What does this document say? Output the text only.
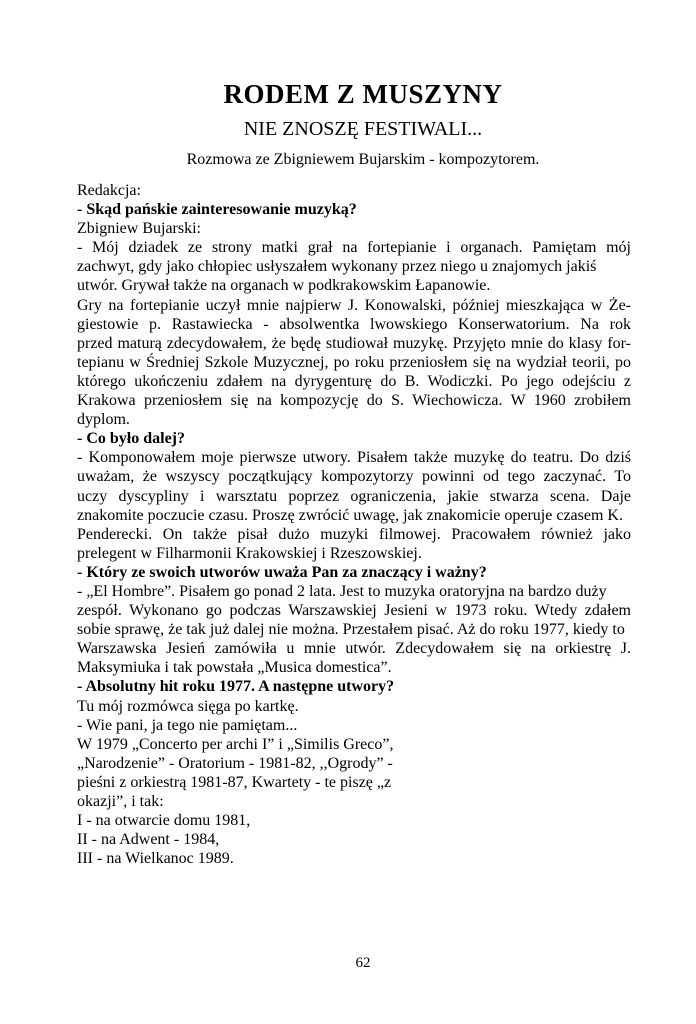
RODEM Z MUSZYNY
NIE ZNOSZĘ FESTIWALI...

Rozmowa ze Zbigniewem Bujarskim - kompozytorem.

Redakcja:
- Skąd pańskie zainteresowanie muzyką?
Zbigniew Bujarski:
- Mój dziadek ze strony matki grał na fortepianie i organach. Pamiętam mój
zachwyt, gdy jako chłopiec usłyszałem wykonany przez niego u znajomych jakiś
utwór. Grywał także na organach w podkrakowskim Łapanowie.
Gry na fortepianie uczył mnie najpierw J. Konowalski, później mieszkająca w Że-
giestowie p. Rastawiecka - absolwentka lwowskiego Konserwatorium. Na rok
przed maturą zdecydowałem, że będę studiował muzykę. Przyjęto mnie do klasy for-
tepianu w Średniej Szkole Muzycznej, po roku przeniosłem się na wydział teorii, po
którego ukończeniu zdałem na dyrygenturę do B. Wodiczki. Po jego odejściu z
Krakowa przeniosłem się na kompozycję do S. Wiechowicza. W 1960 zrobiłem
dyplom.
- Co było dalej?
- Komponowałem moje pierwsze utwory. Pisałem także muzykę do teatru. Do dziś
uważam, że wszyscy początkujący kompozytorzy powinni od tego zaczynać. To
uczy dyscypliny i warsztatu poprzez ograniczenia, jakie stwarza scena. Daje
znakomite poczucie czasu. Proszę zwrócić uwagę, jak znakomicie operuje czasem K.
Penderecki. On także pisał dużo muzyki filmowej. Pracowałem również jako
prelegent w Filharmonii Krakowskiej i Rzeszowskiej.
- Który ze swoich utworów uważa Pan za znaczący i ważny?
- „El Hombre”. Pisałem go ponad 2 lata. Jest to muzyka oratoryjna na bardzo duży
zespół. Wykonano go podczas Warszawskiej Jesieni w 1973 roku. Wtedy zdałem
sobie sprawę, że tak już dalej nie można. Przestałem pisać. Aż do roku 1977, kiedy to
Warszawska Jesień zamówiła u mnie utwór. Zdecydowałem się na orkiestrę J.
Maksymiuka i tak powstała „Musica domestica”.
- Absolutny hit roku 1977. A następne utwory?
Tu mój rozmówca sięga po kartkę.
- Wie pani, ja tego nie pamiętam...
W 1979 „Concerto per archi I” i „Similis Greco”,
„Narodzenie” - Oratorium - 1981-82, ,,Ogrody” -
pieśni z orkiestrą 1981-87, Kwartety - te piszę „z
okazji”, i tak:
I - na otwarcie domu 1981,
II - na Adwent - 1984,
III - na Wielkanoc 1989.
62
